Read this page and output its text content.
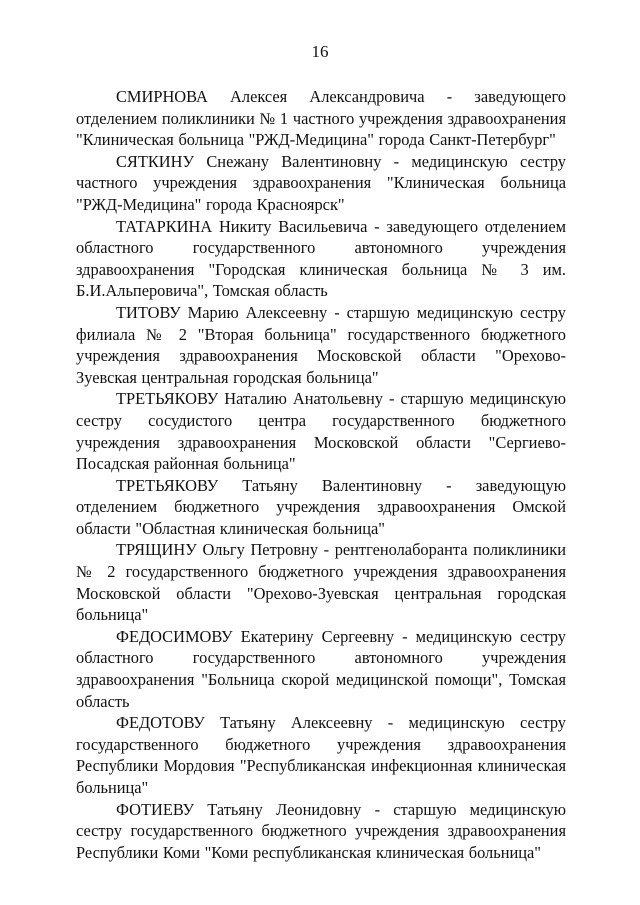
16

СМИРНОВА Алексея Александровича - заведующего отделением поликлиники № 1 частного учреждения здравоохранения "Клиническая больница "РЖД-Медицина" города Санкт-Петербург"

СЯТКИНУ Снежану Валентиновну - медицинскую сестру частного учреждения здравоохранения "Клиническая больница "РЖД-Медицина" города Красноярск"

ТАТАРКИНА Никиту Васильевича - заведующего отделением областного государственного автономного учреждения здравоохранения "Городская клиническая больница № 3 им. Б.И.Альперовича", Томская область

ТИТОВУ Марию Алексеевну - старшую медицинскую сестру филиала № 2 "Вторая больница" государственного бюджетного учреждения здравоохранения Московской области "Орехово-Зуевская центральная городская больница"

ТРЕТЬЯКОВУ Наталию Анатольевну - старшую медицинскую сестру сосудистого центра государственного бюджетного учреждения здравоохранения Московской области "Сергиево-Посадская районная больница"

ТРЕТЬЯКОВУ Татьяну Валентиновну - заведующую отделением бюджетного учреждения здравоохранения Омской области "Областная клиническая больница"

ТРЯЩИНУ Ольгу Петровну - рентгенолаборанта поликлиники № 2 государственного бюджетного учреждения здравоохранения Московской области "Орехово-Зуевская центральная городская больница"

ФЕДОСИМОВУ Екатерину Сергеевну - медицинскую сестру областного государственного автономного учреждения здравоохранения "Больница скорой медицинской помощи", Томская область

ФЕДОТОВУ Татьяну Алексеевну - медицинскую сестру государственного бюджетного учреждения здравоохранения Республики Мордовия "Республиканская инфекционная клиническая больница"

ФОТИЕВУ Татьяну Леонидовну - старшую медицинскую сестру государственного бюджетного учреждения здравоохранения Республики Коми "Коми республиканская клиническая больница"
